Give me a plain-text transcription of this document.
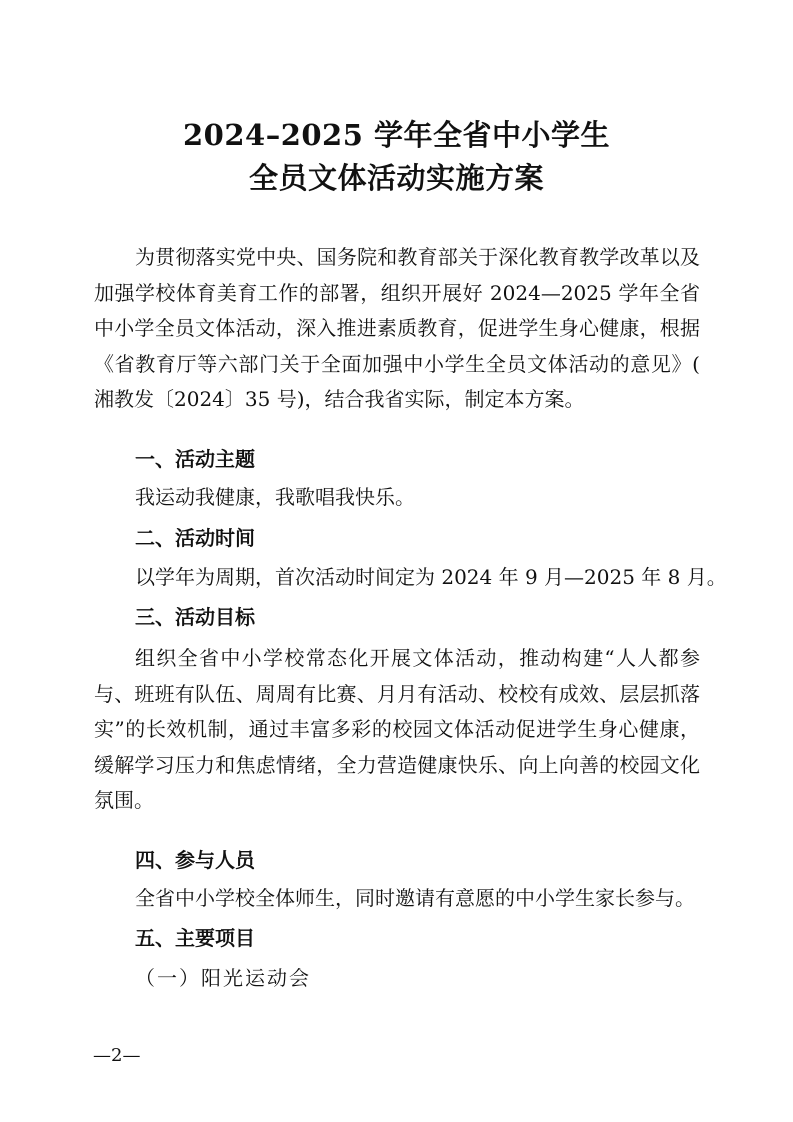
2024–2025 学年全省中小学生
全员文体活动实施方案

为贯彻落实党中央、国务院和教育部关于深化教育教学改革以及加强学校体育美育工作的部署，组织开展好 2024—2025 学年全省中小学全员文体活动，深入推进素质教育，促进学生身心健康，根据《省教育厅等六部门关于全面加强中小学生全员文体活动的意见》( 湘教发〔2024〕35 号)，结合我省实际，制定本方案。

一、活动主题
我运动我健康，我歌唱我快乐。
二、活动时间
以学年为周期，首次活动时间定为 2024 年 9 月—2025 年 8 月。
三、活动目标

组织全省中小学校常态化开展文体活动，推动构建“人人都参与、班班有队伍、周周有比赛、月月有活动、校校有成效、层层抓落实”的长效机制，通过丰富多彩的校园文体活动促进学生身心健康，缓解学习压力和焦虑情绪，全力营造健康快乐、向上向善的校园文化氛围。

四、参与人员
全省中小学校全体师生，同时邀请有意愿的中小学生家长参与。
五、主要项目
（一）阳光运动会
—2—
